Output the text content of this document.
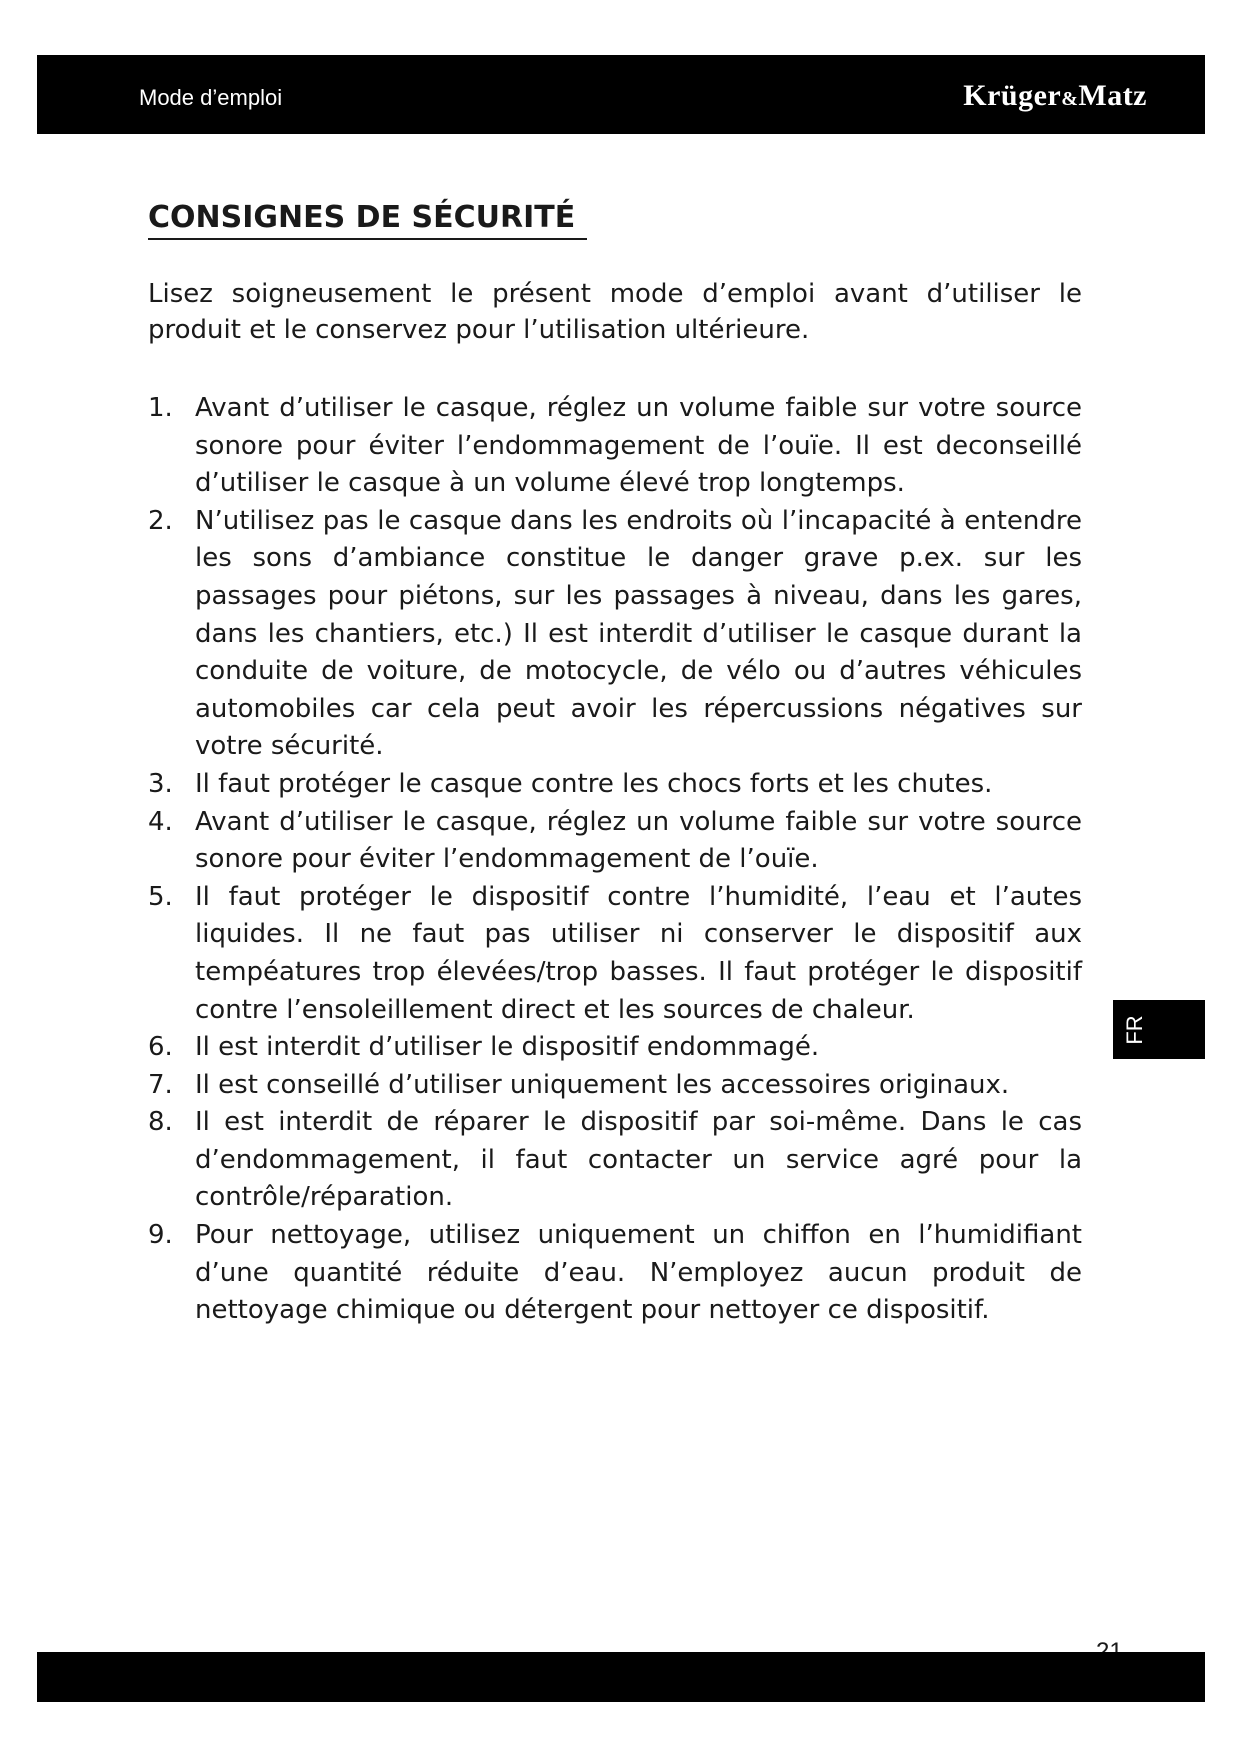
Mode d’emploi	Krüger&Matz
CONSIGNES DE SÉCURITÉ

Lisez soigneusement le présent mode d’emploi avant d’utiliser le produit et le conservez pour l’utilisation ultérieure.

1. Avant d’utiliser le casque, réglez un volume faible sur votre source sonore pour éviter l’endommagement de l’ouïe. Il est deconseillé d’utiliser le casque à un volume élevé trop longtemps.
2. N’utilisez pas le casque dans les endroits où l’incapacité à entendre les sons d’ambiance constitue le danger grave p.ex. sur les passages pour piétons, sur les passages à niveau, dans les gares, dans les chantiers, etc.) Il est interdit d’utiliser le casque durant la conduite de voiture, de motocycle, de vélo ou d’autres véhicules automobiles car cela peut avoir les répercussions négatives sur votre sécurité.
3. Il faut protéger le casque contre les chocs forts et les chutes.
4. Avant d’utiliser le casque, réglez un volume faible sur votre source sonore pour éviter l’endommagement de l’ouïe.
5. Il faut protéger le dispositif contre l’humidité, l’eau et l’autes liquides. Il ne faut pas utiliser ni conserver le dispositif aux tempéatures trop élevées/trop basses. Il faut protéger le dispositif contre l’ensoleillement direct et les sources de chaleur.
6. Il est interdit d’utiliser le dispositif endommagé.
7. Il est conseillé d’utiliser uniquement les accessoires originaux.
8. Il est interdit de réparer le dispositif par soi-même. Dans le cas d’endommagement, il faut contacter un service agré pour la contrôle/réparation.
9. Pour nettoyage, utilisez uniquement un chiffon en l’humidifiant d’une quantité réduite d’eau. N’employez aucun produit de nettoyage chimique ou détergent pour nettoyer ce dispositif.
FR
